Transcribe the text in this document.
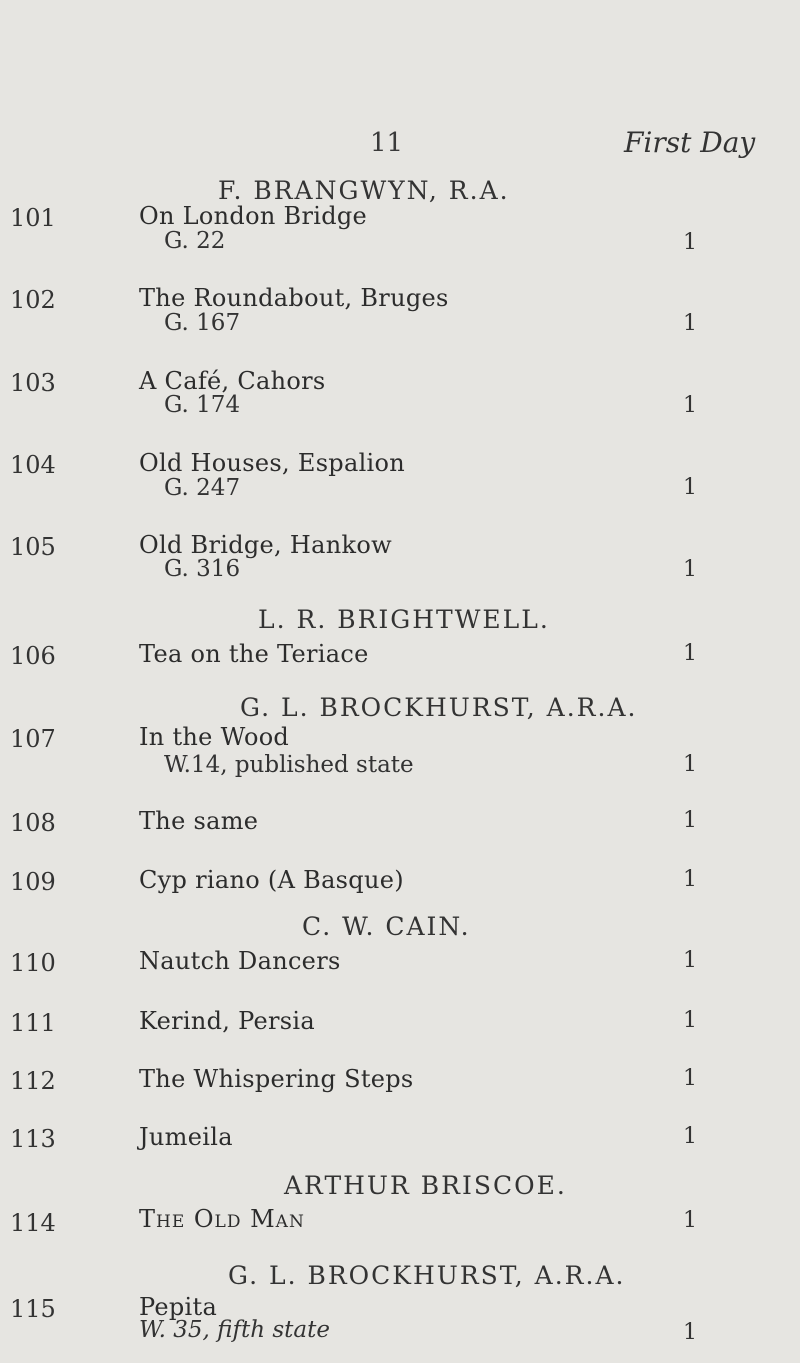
11	First Day
F. BRANGWYN, R.A.
101	On London Bridge
G. 22	1
102	The Roundabout, Bruges
G. 167	1
103	A Café, Cahors
G. 174	1
104	Old Houses, Espalion
G. 247	1
105	Old Bridge, Hankow
G. 316	1
L. R. BRIGHTWELL.
106	Tea on the Teriace	1
G. L. BROCKHURST, A.R.A.
107	In the Wood
W.14, published state	1
108	The same	1
109	Cyp riano (A Basque)	1
C. W. CAIN.
110	Nautch Dancers	1
111	Kerind, Persia	1
112	The Whispering Steps	1
113	Jumeila	1
ARTHUR BRISCOE.
114	The Old Man	1
G. L. BROCKHURST, A.R.A.
115	Pepita
W. 35, fifth state	1
